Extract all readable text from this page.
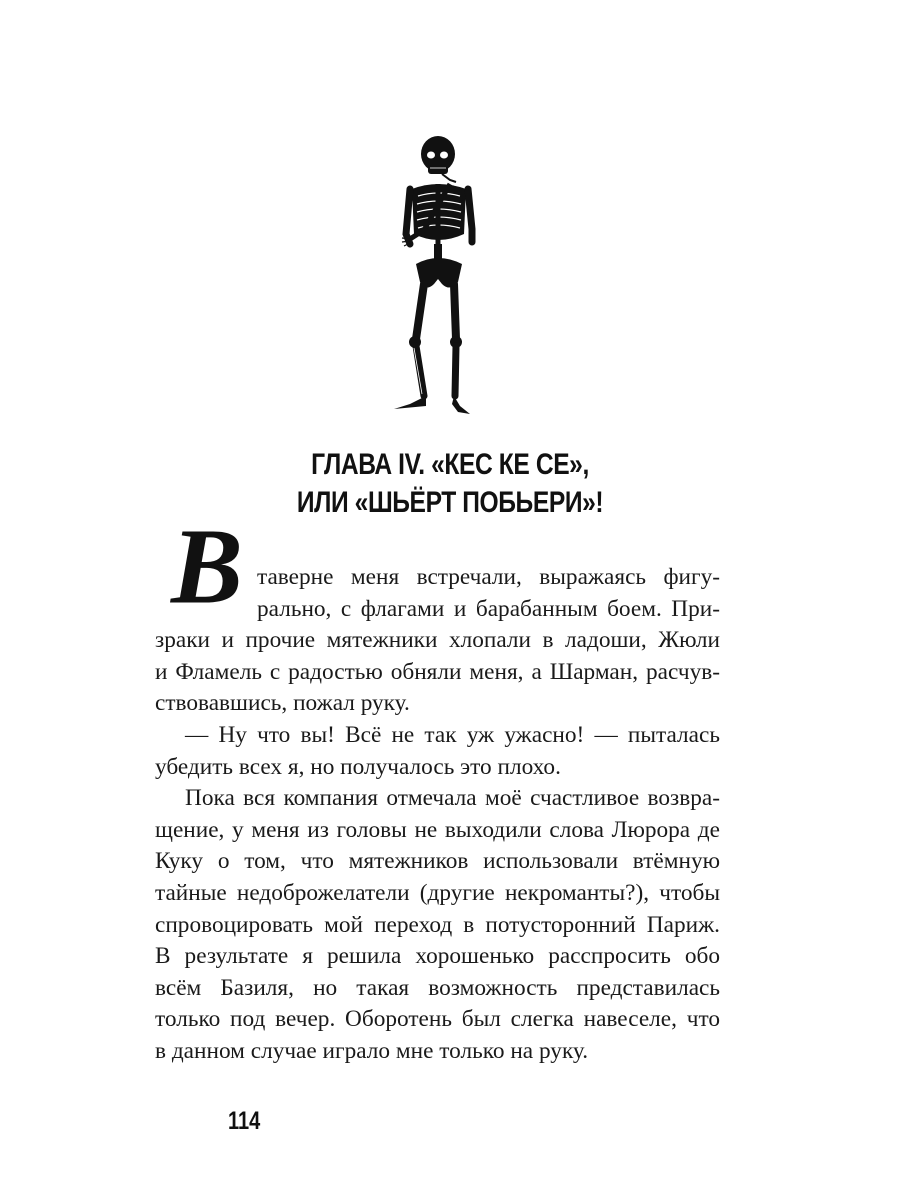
ГЛАВА IV. «КЕС КЕ СЕ»,
ИЛИ «ШЬЁРТ ПОБЬЕРИ»!
В таверне меня встречали, выражаясь фигу-
рально, с флагами и барабанным боем. При-
зраки и прочие мятежники хлопали в ладоши, Жюли
и Фламель с радостью обняли меня, а Шарман, расчув-
ствовавшись, пожал руку.
— Ну что вы! Всё не так уж ужасно! — пыталась
убедить всех я, но получалось это плохо.
Пока вся компания отмечала моё счастливое возвра-
щение, у меня из головы не выходили слова Люрора де
Куку о том, что мятежников использовали втёмную
тайные недоброжелатели (другие некроманты?), чтобы
спровоцировать мой переход в потусторонний Париж.
В результате я решила хорошенько расспросить обо
всём Базиля, но такая возможность представилась
только под вечер. Оборотень был слегка навеселе, что
в данном случае играло мне только на руку.
114
